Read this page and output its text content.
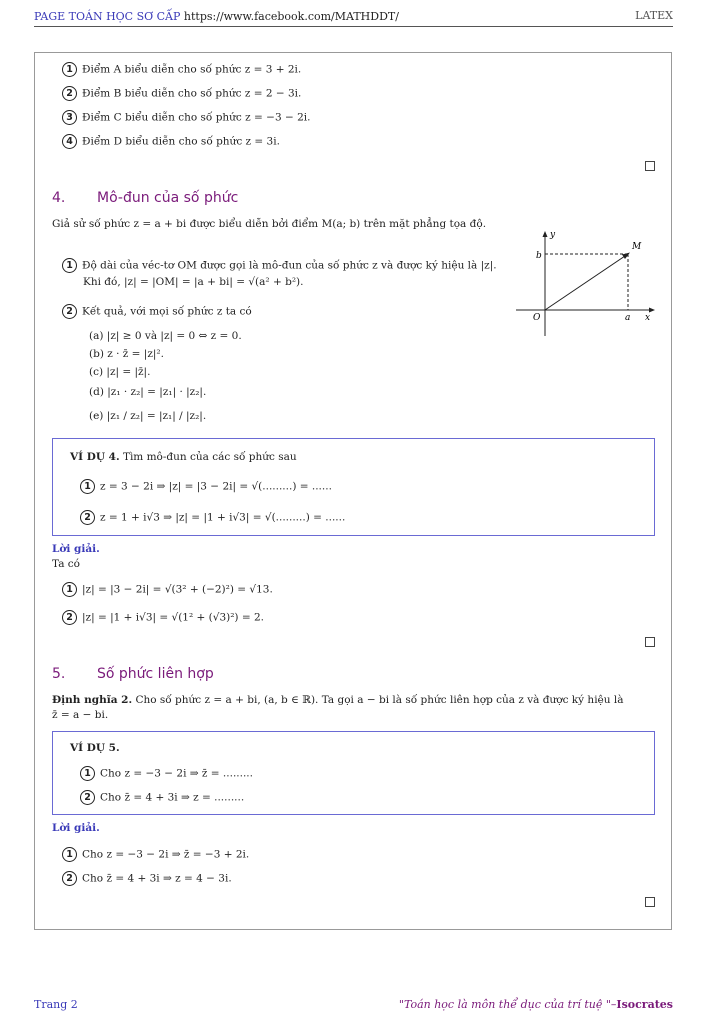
PAGE TOÁN HỌC SƠ CẤP https://www.facebook.com/MATHDDT/	LATEX
1 Điểm A biểu diễn cho số phức z = 3 + 2i.
2 Điểm B biểu diễn cho số phức z = 2 − 3i.
3 Điểm C biểu diễn cho số phức z = −3 − 2i.
4 Điểm D biểu diễn cho số phức z = 3i.
4. Mô-đun của số phức
Giả sử số phức z = a + bi được biểu diễn bởi điểm M(a; b) trên mặt phẳng tọa độ.
1 Độ dài của véc-tơ OM được gọi là mô-đun của số phức z và được ký hiệu là |z|.
Khi đó, |z| = |OM| = |a + bi| = √(a² + b²).
2 Kết quả, với mọi số phức z ta có
(a) |z| ≥ 0 và |z| = 0 ⇔ z = 0.
(b) z · z̄ = |z|².
(c) |z| = |z̄|.
(d) |z₁ · z₂| = |z₁| · |z₂|.
(e) |z₁ / z₂| = |z₁| / |z₂|.
y
b
M
O	a x
VÍ DỤ 4. Tìm mô-đun của các số phức sau
1 z = 3 − 2i ⇒ |z| = |3 − 2i| = √(.........) = ......
2 z = 1 + i√3 ⇒ |z| = |1 + i√3| = √(.........) = ......
Lời giải.
Ta có
1 |z| = |3 − 2i| = √(3² + (−2)²) = √13.
2 |z| = |1 + i√3| = √(1² + (√3)²) = 2.
5. Số phức liên hợp
Định nghĩa 2. Cho số phức z = a + bi, (a, b ∈ ℝ). Ta gọi a − bi là số phức liên hợp của z và được ký hiệu là
z̄ = a − bi.
VÍ DỤ 5.
1 Cho z = −3 − 2i ⇒ z̄ = .........
2 Cho z̄ = 4 + 3i ⇒ z = .........
Lời giải.
1 Cho z = −3 − 2i ⇒ z̄ = −3 + 2i.
2 Cho z̄ = 4 + 3i ⇒ z = 4 − 3i.
Trang 2	"Toán học là môn thể dục của trí tuệ "–Isocrates
